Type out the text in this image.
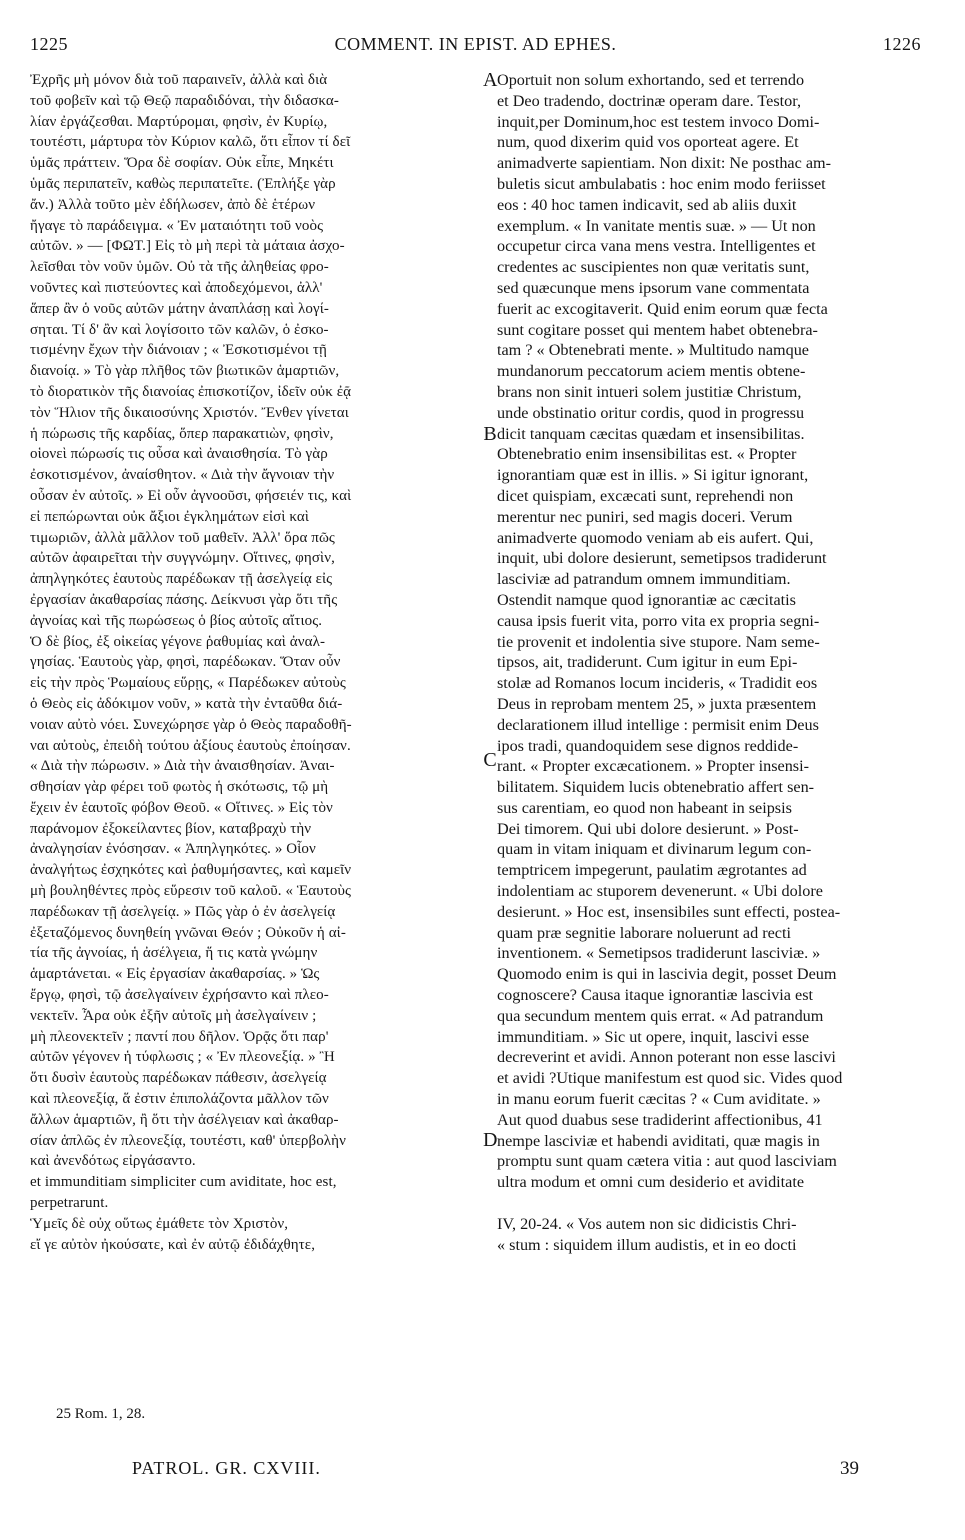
1225	COMMENT. IN EPIST. AD EPHES.	1226
Ἐχρῆς μὴ μόνον διὰ τοῦ παραινεῖν, ἀλλὰ καὶ διὰ
τοῦ φοβεῖν καὶ τῷ Θεῷ παραδιδόναι, τὴν διδασκα-
λίαν ἐργάζεσθαι. Μαρτύρομαι, φησὶν, ἐν Κυρίῳ,
τουτέστι, μάρτυρα τὸν Κύριον καλῶ, ὅτι εἶπον τί δεῖ
ὑμᾶς πράττειν. Ὅρα δὲ σοφίαν. Οὐκ εἶπε, Μηκέτι
ὑμᾶς περιπατεῖν, καθὼς περιπατεῖτε. (Ἐπλήξε γὰρ
ἄν.) Ἀλλὰ τοῦτο μὲν ἐδήλωσεν, ἀπὸ δὲ ἑτέρων
ἤγαγε τὸ παράδειγμα. « Ἐν ματαιότητι τοῦ νοὸς
αὐτῶν. » — [ΦΩΤ.] Εἰς τὸ μὴ περὶ τὰ μάταια ἀσχο-
λεῖσθαι τὸν νοῦν ὑμῶν. Οὐ τὰ τῆς ἀληθείας φρο-
νοῦντες καὶ πιστεύοντες καὶ ἀποδεχόμενοι, ἀλλ'
ἅπερ ἂν ὁ νοῦς αὐτῶν μάτην ἀναπλάσῃ καὶ λογί-
σηται. Τί δ' ἂν καὶ λογίσοιτο τῶν καλῶν, ὁ ἐσκο-
τισμένην ἔχων τὴν διάνοιαν ; « Ἐσκοτισμένοι τῇ
διανοίᾳ. » Τὸ γὰρ πλῆθος τῶν βιωτικῶν ἁμαρτιῶν,
τὸ διορατικὸν τῆς διανοίας ἐπισκοτίζον, ἰδεῖν οὐκ ἐᾷ
τὸν Ἥλιον τῆς δικαιοσύνης Χριστόν. Ἔνθεν γίνεται
ἡ πώρωσις τῆς καρδίας, ὅπερ παρακατιὼν, φησὶν,
οἱονεὶ πώρωσίς τις οὖσα καὶ ἀναισθησία. Τὸ γὰρ
ἐσκοτισμένον, ἀναίσθητον. « Διὰ τὴν ἄγνοιαν τὴν
οὖσαν ἐν αὐτοῖς. » Εἰ οὖν ἀγνοοῦσι, φήσειέν τις, καὶ
εἰ πεπώρωνται οὐκ ἄξιοι ἐγκλημάτων εἰσὶ καὶ
τιμωριῶν, ἀλλὰ μᾶλλον τοῦ μαθεῖν. Ἀλλ' ὅρα πῶς
αὐτῶν ἀφαιρεῖται τὴν συγγνώμην. Οἵτινες, φησὶν,
ἀπηλγηκότες ἑαυτοὺς παρέδωκαν τῇ ἀσελγείᾳ εἰς
ἐργασίαν ἀκαθαρσίας πάσης. Δείκνυσι γὰρ ὅτι τῆς
ἀγνοίας καὶ τῆς πωρώσεως ὁ βίος αὐτοῖς αἴτιος.
Ὁ δὲ βίος, ἐξ οἰκείας γέγονε ῥαθυμίας καὶ ἀναλ-
γησίας. Ἑαυτοὺς γὰρ, φησὶ, παρέδωκαν. Ὅταν οὖν
εἰς τὴν πρὸς Ῥωμαίους εὕρῃς, « Παρέδωκεν αὐτοὺς
ὁ Θεὸς εἰς ἀδόκιμον νοῦν, » κατὰ τὴν ἐνταῦθα διά-
νοιαν αὐτὸ νόει. Συνεχώρησε γὰρ ὁ Θεὸς παραδοθῆ-
ναι αὐτοὺς, ἐπειδὴ τούτου ἀξίους ἑαυτοὺς ἐποίησαν.
« Διὰ τὴν πώρωσιν. » Διὰ τὴν ἀναισθησίαν. Ἀναι-
σθησίαν γὰρ φέρει τοῦ φωτὸς ἡ σκότωσις, τῷ μὴ
ἔχειν ἐν ἑαυτοῖς φόβον Θεοῦ. « Οἵτινες. » Εἰς τὸν
παράνομον ἐξοκείλαντες βίον, καταβραχὺ τὴν
ἀναλγησίαν ἐνόσησαν. « Ἀπηλγηκότες. » Οἷον
ἀναλγήτως ἐσχηκότες καὶ ῥαθυμήσαντες, καὶ καμεῖν
μὴ βουληθέντες πρὸς εὕρεσιν τοῦ καλοῦ. « Ἑαυτοὺς
παρέδωκαν τῇ ἀσελγείᾳ. » Πῶς γὰρ ὁ ἐν ἀσελγείᾳ
ἐξεταζόμενος δυνηθείη γνῶναι Θεόν ; Οὐκοῦν ἡ αἰ-
τία τῆς ἀγνοίας, ἡ ἀσέλγεια, ἥ τις κατὰ γνώμην
ἁμαρτάνεται. « Εἰς ἐργασίαν ἀκαθαρσίας. » Ὡς
ἔργῳ, φησὶ, τῷ ἀσελγαίνειν ἐχρήσαντο καὶ πλεο-
νεκτεῖν. Ἆρα οὐκ ἐξῆν αὐτοῖς μὴ ἀσελγαίνειν ;
μὴ πλεονεκτεῖν ; παντί που δῆλον. Ὁρᾷς ὅτι παρ'
αὐτῶν γέγονεν ἡ τύφλωσις ; « Ἐν πλεονεξίᾳ. » Ἢ
ὅτι δυσὶν ἑαυτοὺς παρέδωκαν πάθεσιν, ἀσελγείᾳ
καὶ πλεονεξίᾳ, ἅ ἐστιν ἐπιπολάζοντα μᾶλλον τῶν
ἄλλων ἁμαρτιῶν, ἢ ὅτι τὴν ἀσέλγειαν καὶ ἀκαθαρ-
σίαν ἁπλῶς ἐν πλεονεξίᾳ, τουτέστι, καθ' ὑπερβολὴν
καὶ ἀνενδότως εἰργάσαντο.
et immunditiam simpliciter cum aviditate, hoc est,
perpetrarunt.
Ὑμεῖς δὲ οὐχ οὕτως ἐμάθετε τὸν Χριστὸν,
εἴ γε αὐτὸν ἠκούσατε, καὶ ἐν αὐτῷ ἐδιδάχθητε,
Oportuit non solum exhortando, sed et terrendo
et Deo tradendo, doctrinæ operam dare. Testor,
inquit,per Dominum,hoc est testem invoco Domi-
num, quod dixerim quid vos oporteat agere. Et
animadverte sapientiam. Non dixit: Ne posthac am-
buletis sicut ambulabatis : hoc enim modo feriisset
eos : 40 hoc tamen indicavit, sed ab aliis duxit
exemplum. « In vanitate mentis suæ. » — Ut non
occupetur circa vana mens vestra. Intelligentes et
credentes ac suscipientes non quæ veritatis sunt,
sed quæcunque mens ipsorum vane commentata
fuerit ac excogitaverit. Quid enim eorum quæ fecta
sunt cogitare posset qui mentem habet obtenebra-
tam ? « Obtenebrati mente. » Multitudo namque
mundanorum peccatorum aciem mentis obtene-
brans non sinit intueri solem justitiæ Christum,
unde obstinatio oritur cordis, quod in progressu
dicit tanquam cæcitas quædam et insensibilitas.
Obtenebratio enim insensibilitas est. « Propter
ignorantiam quæ est in illis. » Si igitur ignorant,
dicet quispiam, excæcati sunt, reprehendi non
merentur nec puniri, sed magis doceri. Verum
animadverte quomodo veniam ab eis aufert. Qui,
inquit, ubi dolore desierunt, semetipsos tradiderunt
lasciviæ ad patrandum omnem immunditiam.
Ostendit namque quod ignorantiæ ac cæcitatis
causa ipsis fuerit vita, porro vita ex propria segni-
tie provenit et indolentia sive stupore. Nam seme-
tipsos, ait, tradiderunt. Cum igitur in eum Epi-
stolæ ad Romanos locum incideris, « Tradidit eos
Deus in reprobam mentem 25, » juxta præsentem
declarationem illud intellige : permisit enim Deus
ipos tradi, quandoquidem sese dignos reddide-
rant. « Propter excæcationem. » Propter insensi-
bilitatem. Siquidem lucis obtenebratio affert sen-
sus carentiam, eo quod non habeant in seipsis
Dei timorem. Qui ubi dolore desierunt. » Post-
quam in vitam iniquam et divinarum legum con-
temptricem impegerunt, paulatim ægrotantes ad
indolentiam ac stuporem devenerunt. « Ubi dolore
desierunt. » Hoc est, insensibiles sunt effecti, postea-
quam præ segnitie laborare noluerunt ad recti
inventionem. « Semetipsos tradiderunt lasciviæ. »
Quomodo enim is qui in lascivia degit, posset Deum
cognoscere? Causa itaque ignorantiæ lascivia est
qua secundum mentem quis errat. « Ad patrandum
immunditiam. » Sic ut opere, inquit, lascivi esse
decreverint et avidi. Annon poterant non esse lascivi
et avidi ?Utique manifestum est quod sic. Vides quod
in manu eorum fuerit cæcitas ? « Cum aviditate. »
Aut quod duabus sese tradiderint affectionibus, 41
nempe lasciviæ et habendi aviditati, quæ magis in
promptu sunt quam cætera vitia : aut quod lasciviam
ultra modum et omni cum desiderio et aviditate
IV, 20-24. « Vos autem non sic didicistis Chri-
« stum : siquidem illum audistis, et in eo docti
A
B
C
D
25 Rom. 1, 28.
PATROL. GR. CXVIII.	39
